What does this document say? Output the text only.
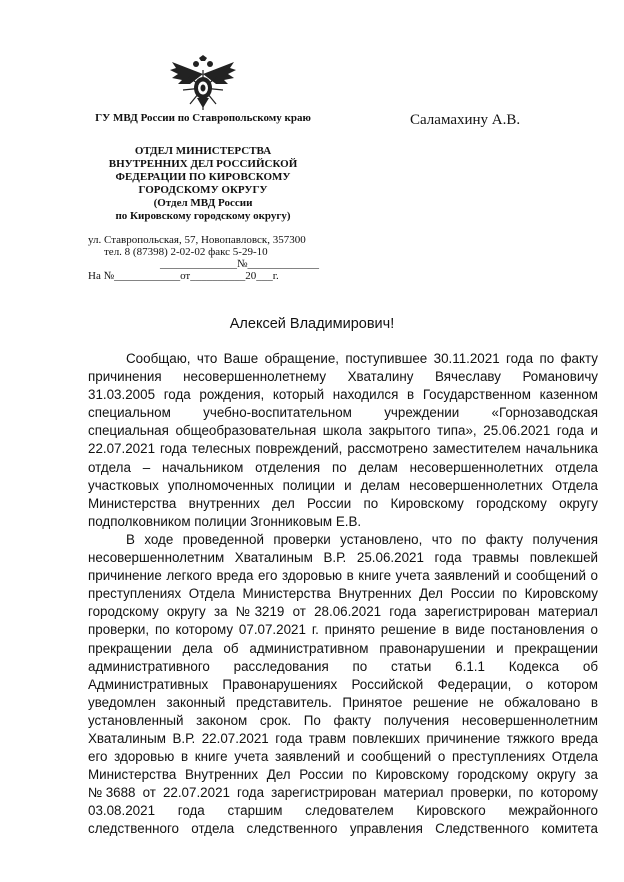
ГУ МВД России по Ставропольскому краю
ОТДЕЛ МИНИСТЕРСТВА
ВНУТРЕННИХ ДЕЛ РОССИЙСКОЙ
ФЕДЕРАЦИИ ПО КИРОВСКОМУ
ГОРОДСКОМУ ОКРУГУ
(Отдел МВД России
по Кировскому городскому округу)
ул. Ставропольская, 57, Новопавловск, 357300
тел. 8 (87398) 2-02-02 факс 5-29-10
______________№_____________
На №____________от__________20___г.
Саламахину А.В.
Алексей Владимирович!
Сообщаю, что Ваше обращение, поступившее 30.11.2021 года по факту
причинения несовершеннолетнему Хваталину Вячеславу Романовичу
31.03.2005 года рождения, который находился в Государственном казенном
специальном учебно-воспитательном учреждении «Горнозаводская
специальная общеобразовательная школа закрытого типа», 25.06.2021 года и
22.07.2021 года телесных повреждений, рассмотрено заместителем начальника
отдела – начальником отделения по делам несовершеннолетних отдела
участковых уполномоченных полиции и делам несовершеннолетних Отдела
Министерства внутренних дел России по Кировскому городскому округу
подполковником полиции Згонниковым Е.В.
В ходе проведенной проверки установлено, что по факту получения
несовершеннолетним Хваталиным В.Р. 25.06.2021 года травмы повлекшей
причинение легкого вреда его здоровью в книге учета заявлений и сообщений о
преступлениях Отдела Министерства Внутренних Дел России по Кировскому
городскому округу за №3219 от 28.06.2021 года зарегистрирован материал
проверки, по которому 07.07.2021 г. принято решение в виде постановления о
прекращении дела об административном правонарушении и прекращении
административного расследования по статьи 6.1.1 Кодекса об
Административных Правонарушениях Российской Федерации, о котором
уведомлен законный представитель. Принятое решение не обжаловано в
установленный законом срок. По факту получения несовершеннолетним
Хваталиным В.Р. 22.07.2021 года травм повлекших причинение тяжкого вреда
его здоровью в книге учета заявлений и сообщений о преступлениях Отдела
Министерства Внутренних Дел России по Кировскому городскому округу за
№3688 от 22.07.2021 года зарегистрирован материал проверки, по которому
03.08.2021 года старшим следователем Кировского межрайонного
следственного отдела следственного управления Следственного комитета
